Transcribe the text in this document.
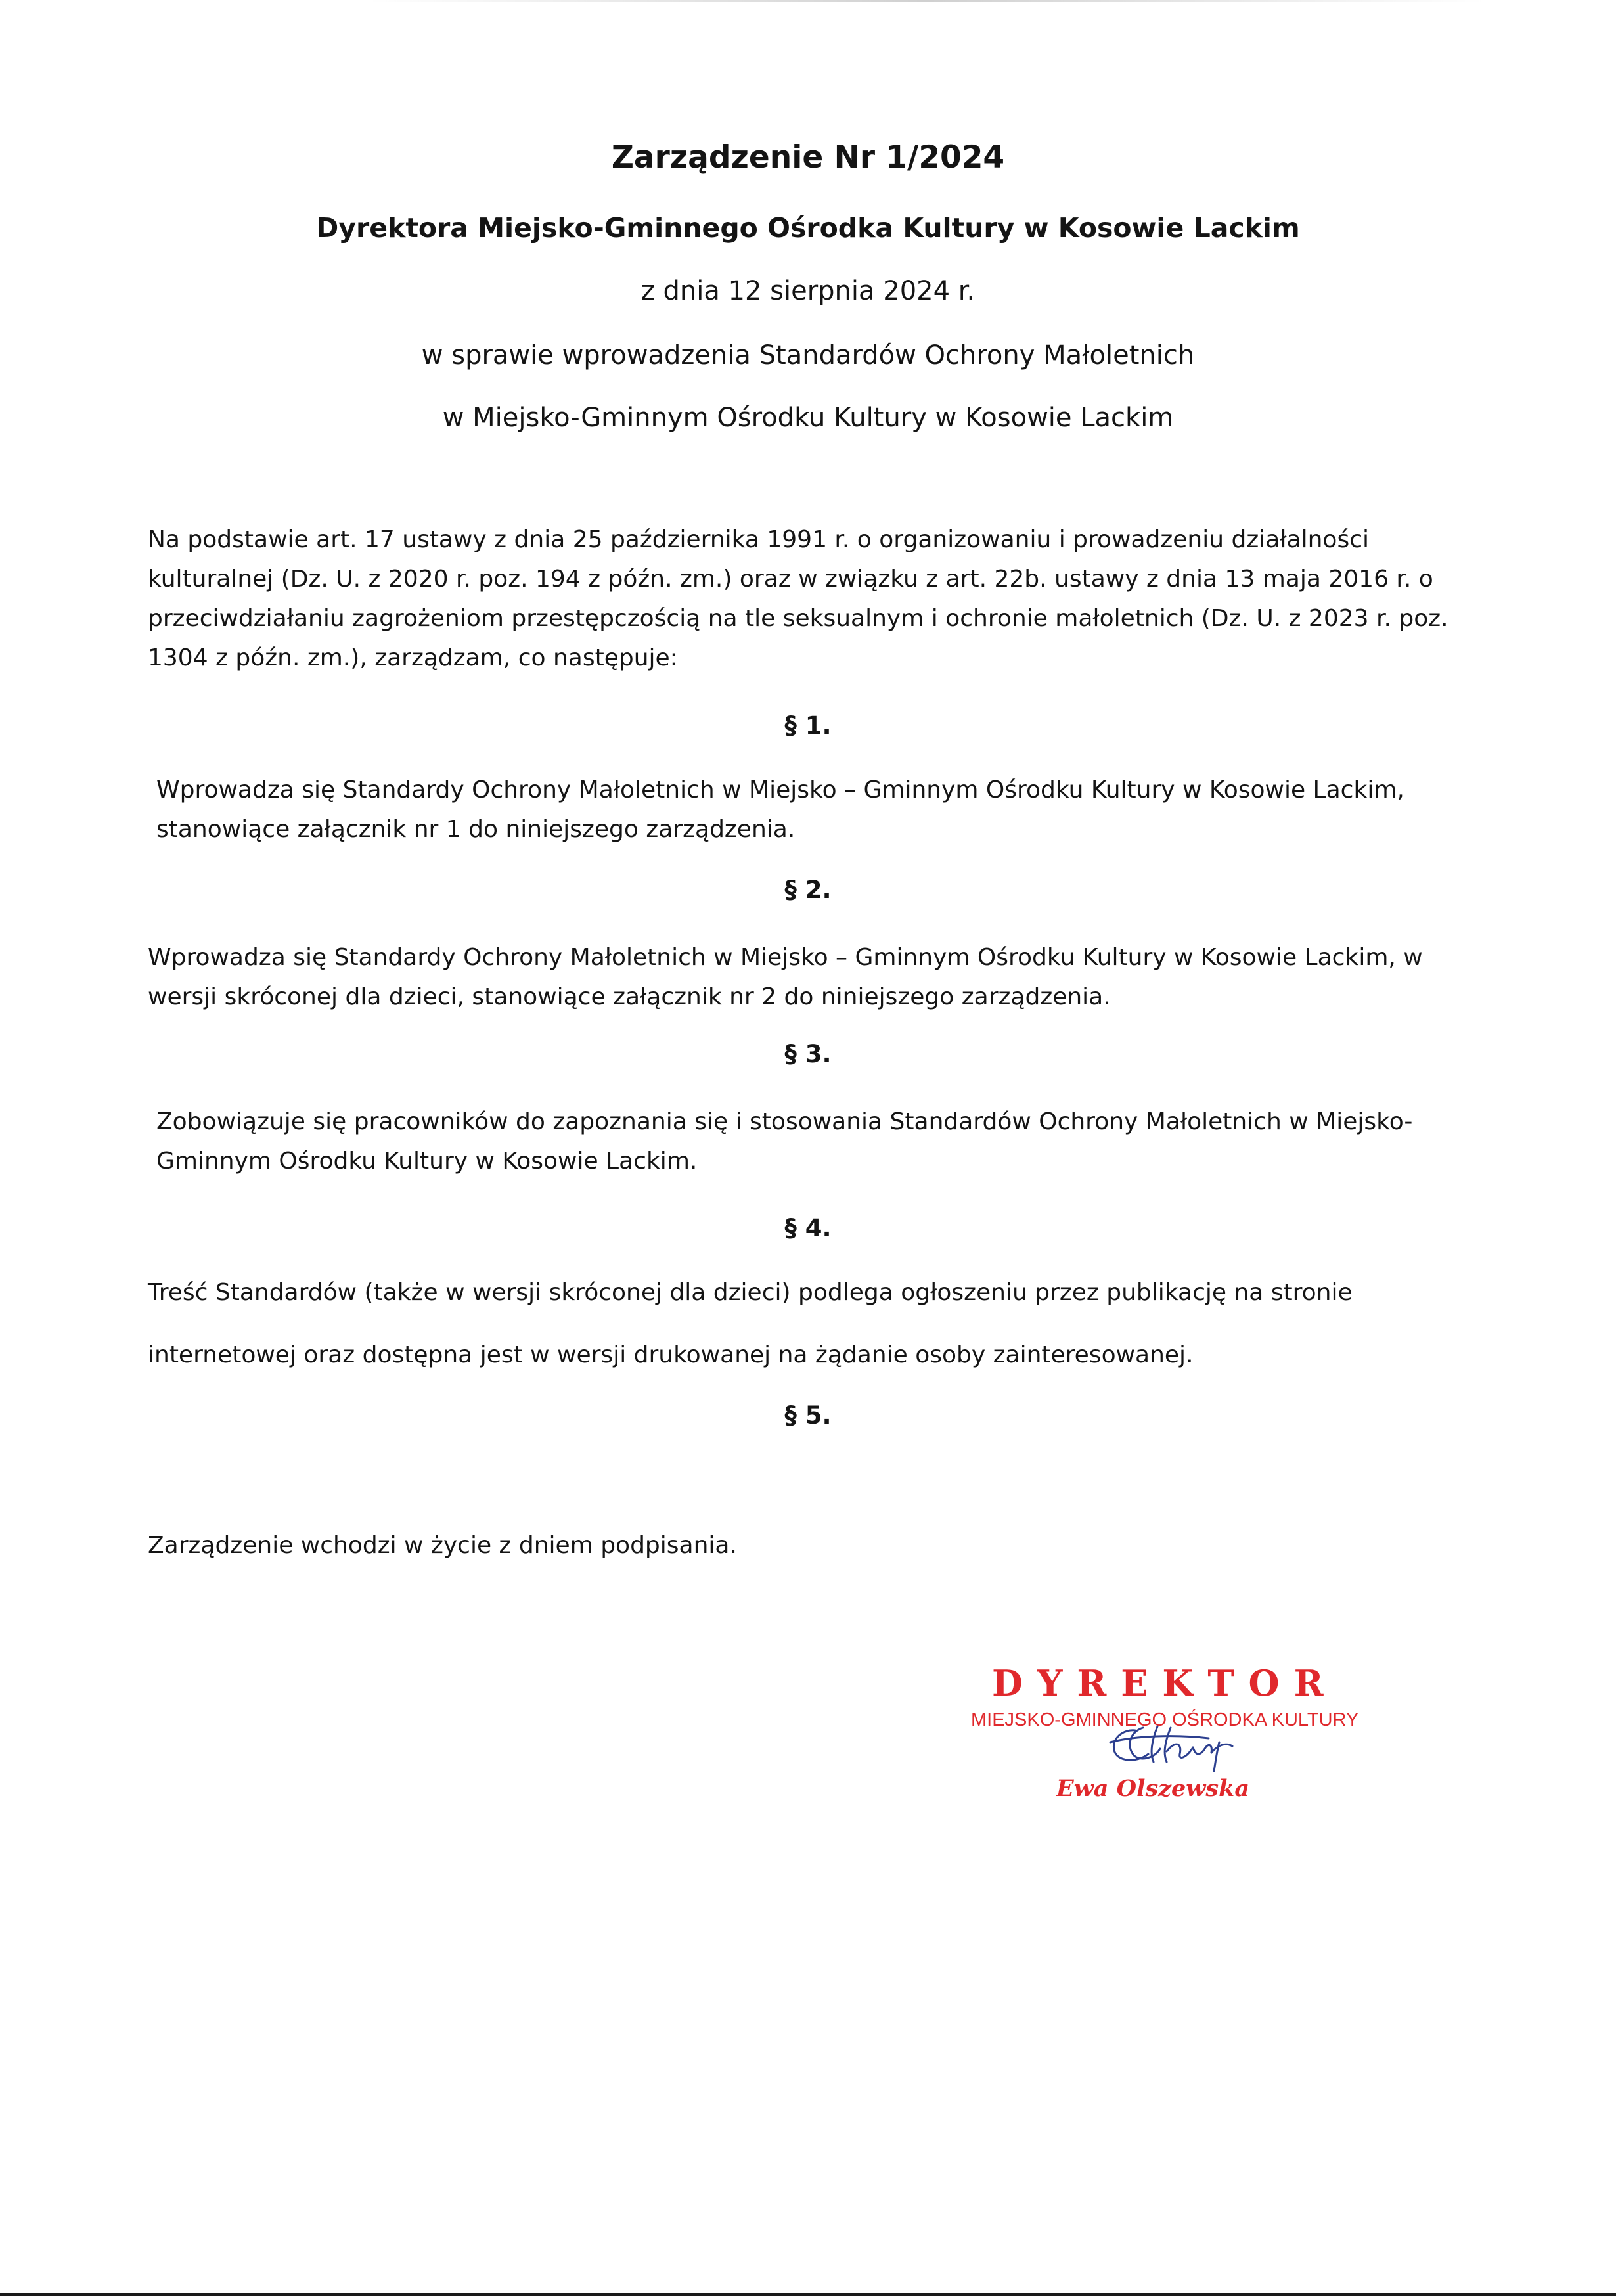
Zarządzenie Nr 1/2024
Dyrektora Miejsko-Gminnego Ośrodka Kultury w Kosowie Lackim

z dnia 12 sierpnia 2024 r.

w sprawie wprowadzenia Standardów Ochrony Małoletnich

w Miejsko-Gminnym Ośrodku Kultury w Kosowie Lackim

Na podstawie art. 17 ustawy z dnia 25 października 1991 r. o organizowaniu i prowadzeniu działalności kulturalnej (Dz. U. z 2020 r. poz. 194 z późn. zm.) oraz w związku z art. 22b. ustawy z dnia 13 maja 2016 r. o przeciwdziałaniu zagrożeniom przestępczością na tle seksualnym i ochronie małoletnich (Dz. U. z 2023 r. poz. 1304 z późn. zm.), zarządzam, co następuje:

§ 1.

Wprowadza się Standardy Ochrony Małoletnich w Miejsko – Gminnym Ośrodku Kultury w Kosowie Lackim, stanowiące załącznik nr 1 do niniejszego zarządzenia.

§ 2.

Wprowadza się Standardy Ochrony Małoletnich w Miejsko – Gminnym Ośrodku Kultury w Kosowie Lackim, w wersji skróconej dla dzieci, stanowiące załącznik nr 2 do niniejszego zarządzenia.

§ 3.

Zobowiązuje się pracowników do zapoznania się i stosowania Standardów Ochrony Małoletnich w Miejsko-Gminnym Ośrodku Kultury w Kosowie Lackim.

§ 4.

Treść Standardów (także w wersji skróconej dla dzieci) podlega ogłoszeniu przez publikację na stronie

internetowej oraz dostępna jest w wersji drukowanej na żądanie osoby zainteresowanej.

§ 5.

Zarządzenie wchodzi w życie z dniem podpisania.

DYREKTOR
MIEJSKO-GMINNEGO OŚRODKA KULTURY
Ewa Olszewska
